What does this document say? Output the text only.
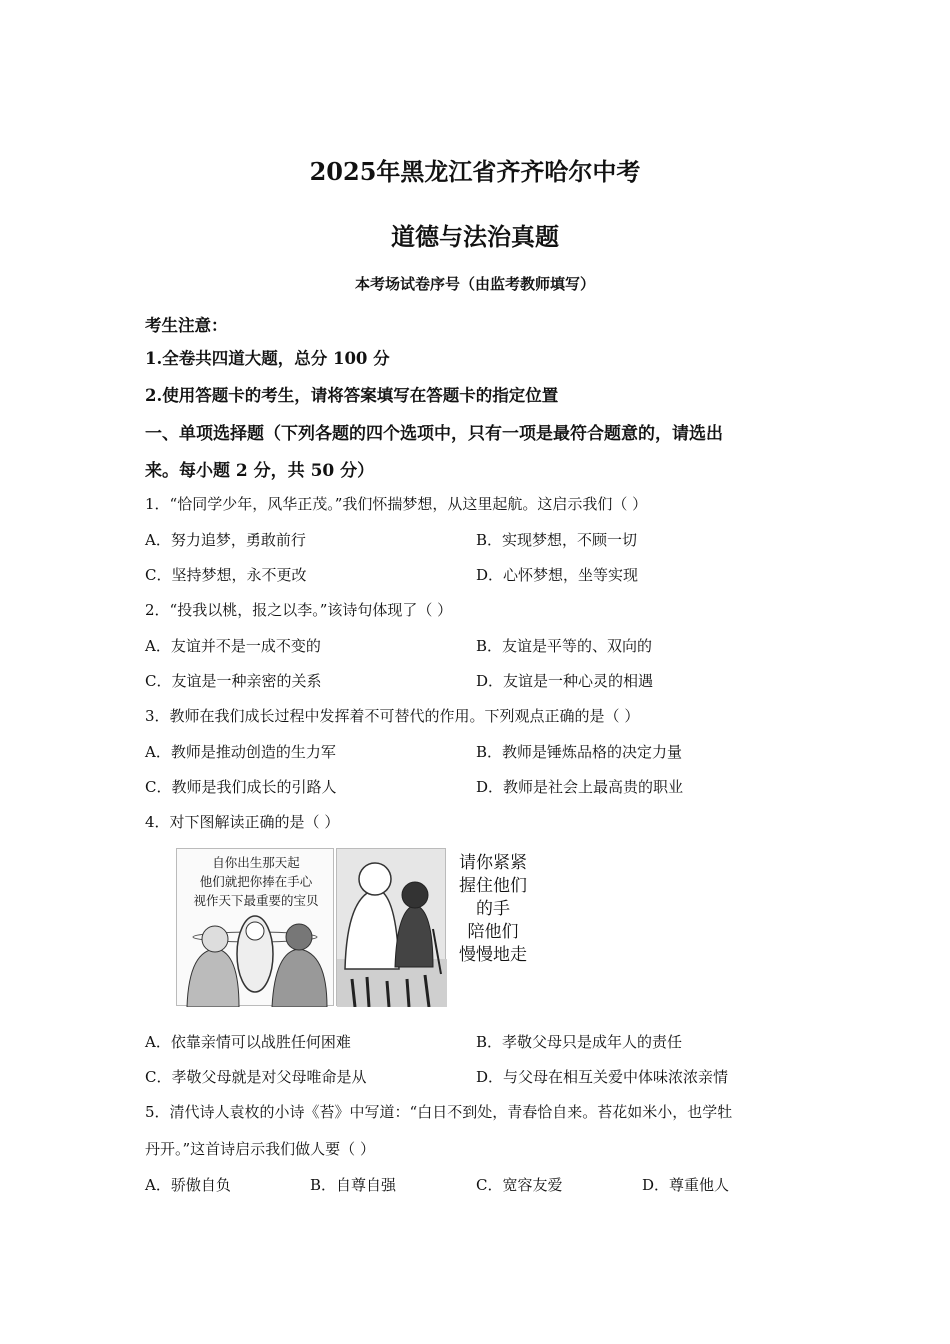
2025年黑龙江省齐齐哈尔中考
道德与法治真题
本考场试卷序号（由监考教师填写）
考生注意：
1.全卷共四道大题，总分 100 分
2.使用答题卡的考生，请将答案填写在答题卡的指定位置
一、单项选择题（下列各题的四个选项中，只有一项是最符合题意的，请选出
来。每小题 2 分，共 50 分）
1．“恰同学少年，风华正茂。”我们怀揣梦想，从这里起航。这启示我们（ ）
A．努力追梦，勇敢前行	B．实现梦想，不顾一切
C．坚持梦想，永不更改	D．心怀梦想，坐等实现
2．“投我以桃，报之以李。”该诗句体现了（ ）
A．友谊并不是一成不变的	B．友谊是平等的、双向的
C．友谊是一种亲密的关系	D．友谊是一种心灵的相遇
3．教师在我们成长过程中发挥着不可替代的作用。下列观点正确的是（ ）
A．教师是推动创造的生力军	B．教师是锤炼品格的决定力量
C．教师是我们成长的引路人	D．教师是社会上最高贵的职业
4．对下图解读正确的是（ ）
自你出生那天起
他们就把你捧在手心
视作天下最重要的宝贝
请你紧紧
握住他们
的手
陪他们
慢慢地走
A．依靠亲情可以战胜任何困难	B．孝敬父母只是成年人的责任
C．孝敬父母就是对父母唯命是从	D．与父母在相互关爱中体味浓浓亲情
5．清代诗人袁枚的小诗《苔》中写道：“白日不到处，青春恰自来。苔花如米小，也学牡
丹开。”这首诗启示我们做人要（ ）
A．骄傲自负	B．自尊自强	C．宽容友爱	D．尊重他人
